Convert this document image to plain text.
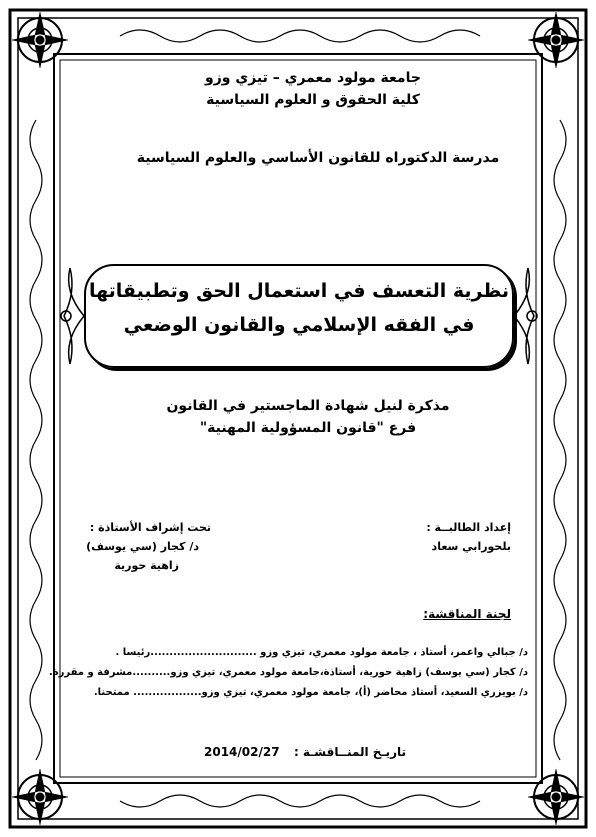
جامعة مولود معمري – تيزي وزو
كلية الحقوق و العلوم السياسية
مدرسة الدكتوراه للقانون الأساسي والعلوم السياسية
نظرية التعسف في استعمال الحق وتطبيقاتها
في الفقه الإسلامي والقانون الوضعي
مذكرة لنيل شهادة الماجستير في القانون
فرع "قانون المسؤولية المهنية"
إعداد الطالبــة :
بلحورابي سعاد
تحت إشراف الأستاذة :
د/ كجار (سي يوسف)
زاهية حورية
لجنة المناقشة:
د/ جبالي واعمر، أستاذ ، جامعة مولود معمري، تيزي وزو ............................رئيسا .
د/ كجار (سي يوسف) زاهية حورية، أستاذة،جامعة مولود معمري، تيزي وزو..........مشرفة و مقررة.
د/ بويزري السعيد، أستاذ محاضر (أ)، جامعة مولود معمري، تيزي وزو.................. ممتحنا.
تاريـخ المنــاقشـة :
2014/02/27
